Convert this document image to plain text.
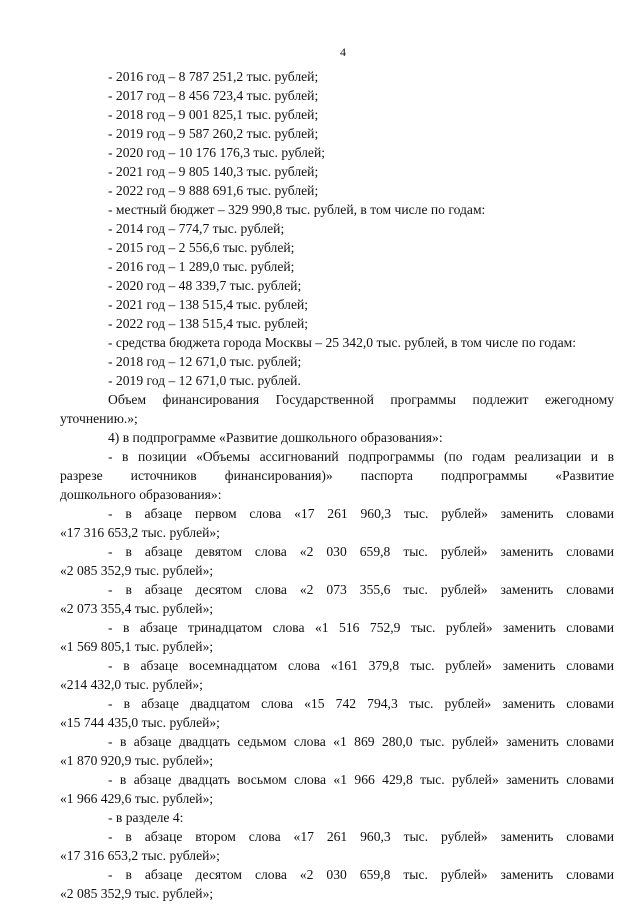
4
- 2016 год – 8 787 251,2 тыс. рублей;
- 2017 год – 8 456 723,4 тыс. рублей;
- 2018 год – 9 001 825,1 тыс. рублей;
- 2019 год – 9 587 260,2 тыс. рублей;
- 2020 год – 10 176 176,3 тыс. рублей;
- 2021 год – 9 805 140,3 тыс. рублей;
- 2022 год – 9 888 691,6 тыс. рублей;
- местный бюджет – 329 990,8 тыс. рублей, в том числе по годам:
- 2014 год – 774,7 тыс. рублей;
- 2015 год – 2 556,6 тыс. рублей;
- 2016 год – 1 289,0 тыс. рублей;
- 2020 год – 48 339,7 тыс. рублей;
- 2021 год – 138 515,4 тыс. рублей;
- 2022 год – 138 515,4 тыс. рублей;
- средства бюджета города Москвы – 25 342,0 тыс. рублей, в том числе по годам:
- 2018 год – 12 671,0 тыс. рублей;
- 2019 год – 12 671,0 тыс. рублей.
Объем финансирования Государственной программы подлежит ежегодному
уточнению.»;
4) в подпрограмме «Развитие дошкольного образования»:
- в позиции «Объемы ассигнований подпрограммы (по годам реализации и в
разрезе источников финансирования)» паспорта подпрограммы «Развитие
дошкольного образования»:
- в абзаце первом слова «17 261 960,3 тыс. рублей» заменить словами
«17 316 653,2 тыс. рублей»;
- в абзаце девятом слова «2 030 659,8 тыс. рублей» заменить словами
«2 085 352,9 тыс. рублей»;
- в абзаце десятом слова «2 073 355,6 тыс. рублей» заменить словами
«2 073 355,4 тыс. рублей»;
- в абзаце тринадцатом слова «1 516 752,9 тыс. рублей» заменить словами
«1 569 805,1 тыс. рублей»;
- в абзаце восемнадцатом слова «161 379,8 тыс. рублей» заменить словами
«214 432,0 тыс. рублей»;
- в абзаце двадцатом слова «15 742 794,3 тыс. рублей» заменить словами
«15 744 435,0 тыс. рублей»;
- в абзаце двадцать седьмом слова «1 869 280,0 тыс. рублей» заменить словами
«1 870 920,9 тыс. рублей»;
- в абзаце двадцать восьмом слова «1 966 429,8 тыс. рублей» заменить словами
«1 966 429,6 тыс. рублей»;
- в разделе 4:
- в абзаце втором слова «17 261 960,3 тыс. рублей» заменить словами
«17 316 653,2 тыс. рублей»;
- в абзаце десятом слова «2 030 659,8 тыс. рублей» заменить словами
«2 085 352,9 тыс. рублей»;
